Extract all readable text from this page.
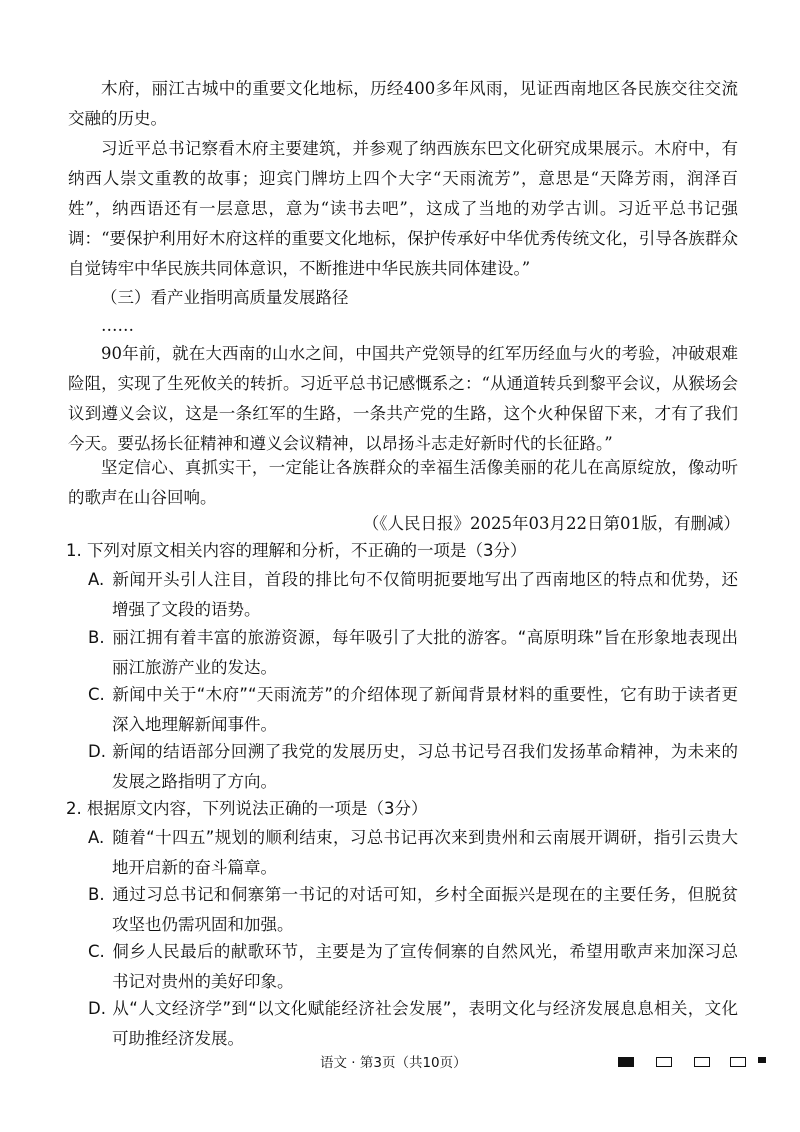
木府，丽江古城中的重要文化地标，历经400多年风雨，见证西南地区各民族交往交流交融的历史。

习近平总书记察看木府主要建筑，并参观了纳西族东巴文化研究成果展示。木府中，有纳西人崇文重教的故事；迎宾门牌坊上四个大字“天雨流芳”，意思是“天降芳雨，润泽百姓”，纳西语还有一层意思，意为“读书去吧”，这成了当地的劝学古训。习近平总书记强调：“要保护利用好木府这样的重要文化地标，保护传承好中华优秀传统文化，引导各族群众自觉铸牢中华民族共同体意识，不断推进中华民族共同体建设。”

（三）看产业指明高质量发展路径

……

90年前，就在大西南的山水之间，中国共产党领导的红军历经血与火的考验，冲破艰难险阻，实现了生死攸关的转折。习近平总书记感慨系之：“从通道转兵到黎平会议，从猴场会议到遵义会议，这是一条红军的生路，一条共产党的生路，这个火种保留下来，才有了我们今天。要弘扬长征精神和遵义会议精神，以昂扬斗志走好新时代的长征路。”

坚定信心、真抓实干，一定能让各族群众的幸福生活像美丽的花儿在高原绽放，像动听的歌声在山谷回响。

（《人民日报》2025年03月22日第01版，有删减）

1. 下列对原文相关内容的理解和分析，不正确的一项是（3分）

A. 新闻开头引人注目，首段的排比句不仅简明扼要地写出了西南地区的特点和优势，还增强了文段的语势。
B. 丽江拥有着丰富的旅游资源，每年吸引了大批的游客。“高原明珠”旨在形象地表现出丽江旅游产业的发达。
C. 新闻中关于“木府”“天雨流芳”的介绍体现了新闻背景材料的重要性，它有助于读者更深入地理解新闻事件。
D. 新闻的结语部分回溯了我党的发展历史，习总书记号召我们发扬革命精神，为未来的发展之路指明了方向。

2. 根据原文内容，下列说法正确的一项是（3分）

A. 随着“十四五”规划的顺利结束，习总书记再次来到贵州和云南展开调研，指引云贵大地开启新的奋斗篇章。
B. 通过习总书记和侗寨第一书记的对话可知，乡村全面振兴是现在的主要任务，但脱贫攻坚也仍需巩固和加强。
C. 侗乡人民最后的献歌环节，主要是为了宣传侗寨的自然风光，希望用歌声来加深习总书记对贵州的美好印象。
D. 从“人文经济学”到“以文化赋能经济社会发展”，表明文化与经济发展息息相关，文化可助推经济发展。
语文 · 第3页（共10页）
